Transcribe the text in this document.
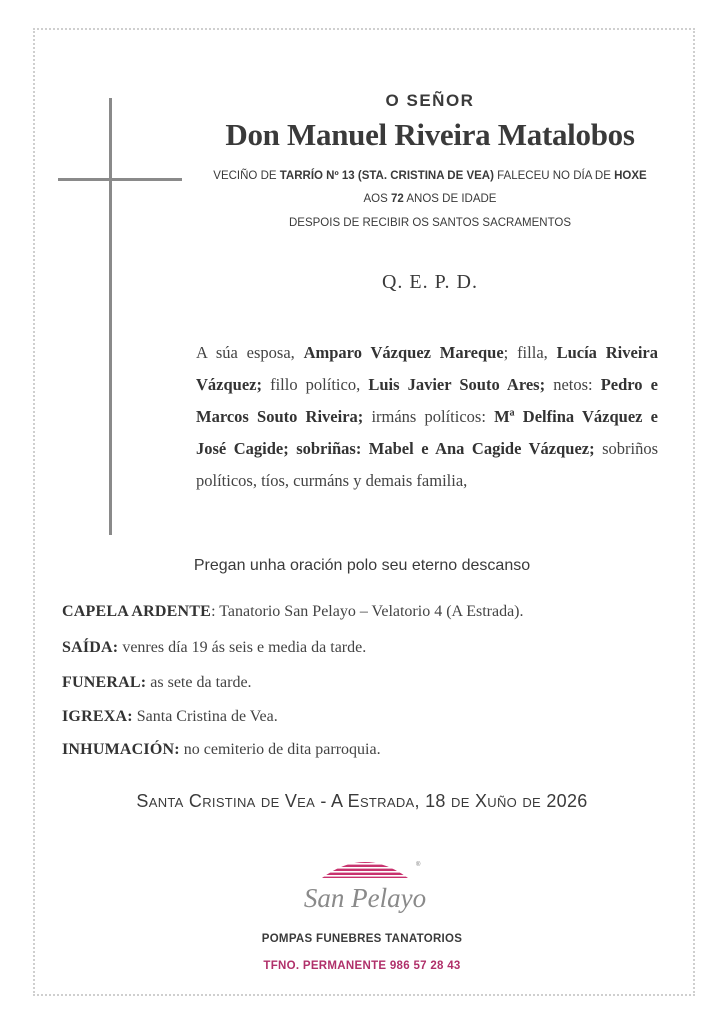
O SEÑOR
Don Manuel Riveira Matalobos
VECIÑO DE TARRÍO Nº 13 (STA. CRISTINA DE VEA) FALECEU NO DÍA DE HOXE
AOS 72 ANOS DE IDADE
DESPOIS DE RECIBIR OS SANTOS SACRAMENTOS
Q. E. P. D.
A súa esposa, Amparo Vázquez Mareque; filla, Lucía Riveira Vázquez; fillo político, Luis Javier Souto Ares; netos: Pedro e Marcos Souto Riveira; irmáns políticos: Mª Delfina Vázquez e José Cagide; sobriñas: Mabel e Ana Cagide Vázquez; sobriños políticos, tíos, curmáns y demais familia,
Pregan unha oración polo seu eterno descanso
CAPELA ARDENTE: Tanatorio San Pelayo – Velatorio 4 (A Estrada).
SAÍDA: venres día 19 ás seis e media da tarde.
FUNERAL: as sete da tarde.
IGREXA: Santa Cristina de Vea.
INHUMACIÓN: no cemiterio de dita parroquia.
Santa Cristina de Vea - A Estrada, 18 de Xuño de 2026
®
San Pelayo
POMPAS FUNEBRES TANATORIOS
TFNO. PERMANENTE 986 57 28 43
